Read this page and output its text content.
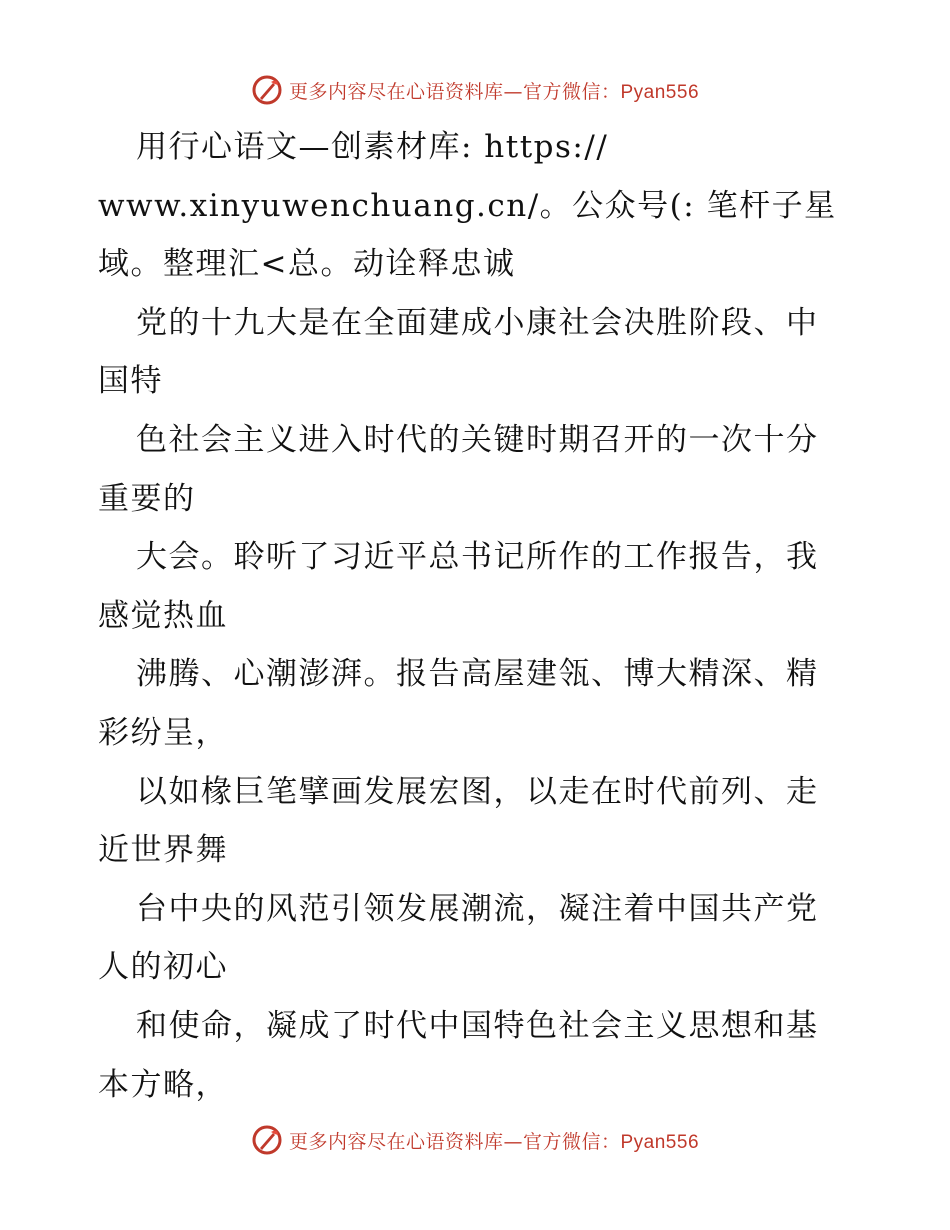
更多内容尽在心语资料库—官方微信：Pyan556
用行心语文—创素材库: https://
www.xinyuwenchuang.cn/。公众号(: 笔杆子星
域。整理汇<总。动诠释忠诚
党的十九大是在全面建成小康社会决胜阶段、中
国特
色社会主义进入时代的关键时期召开的一次十分
重要的
大会。聆听了习近平总书记所作的工作报告，我
感觉热血
沸腾、心潮澎湃。报告高屋建瓴、博大精深、精
彩纷呈，
以如椽巨笔擘画发展宏图，以走在时代前列、走
近世界舞
台中央的风范引领发展潮流，凝注着中国共产党
人的初心
和使命，凝成了时代中国特色社会主义思想和基
本方略，
更多内容尽在心语资料库—官方微信：Pyan556
